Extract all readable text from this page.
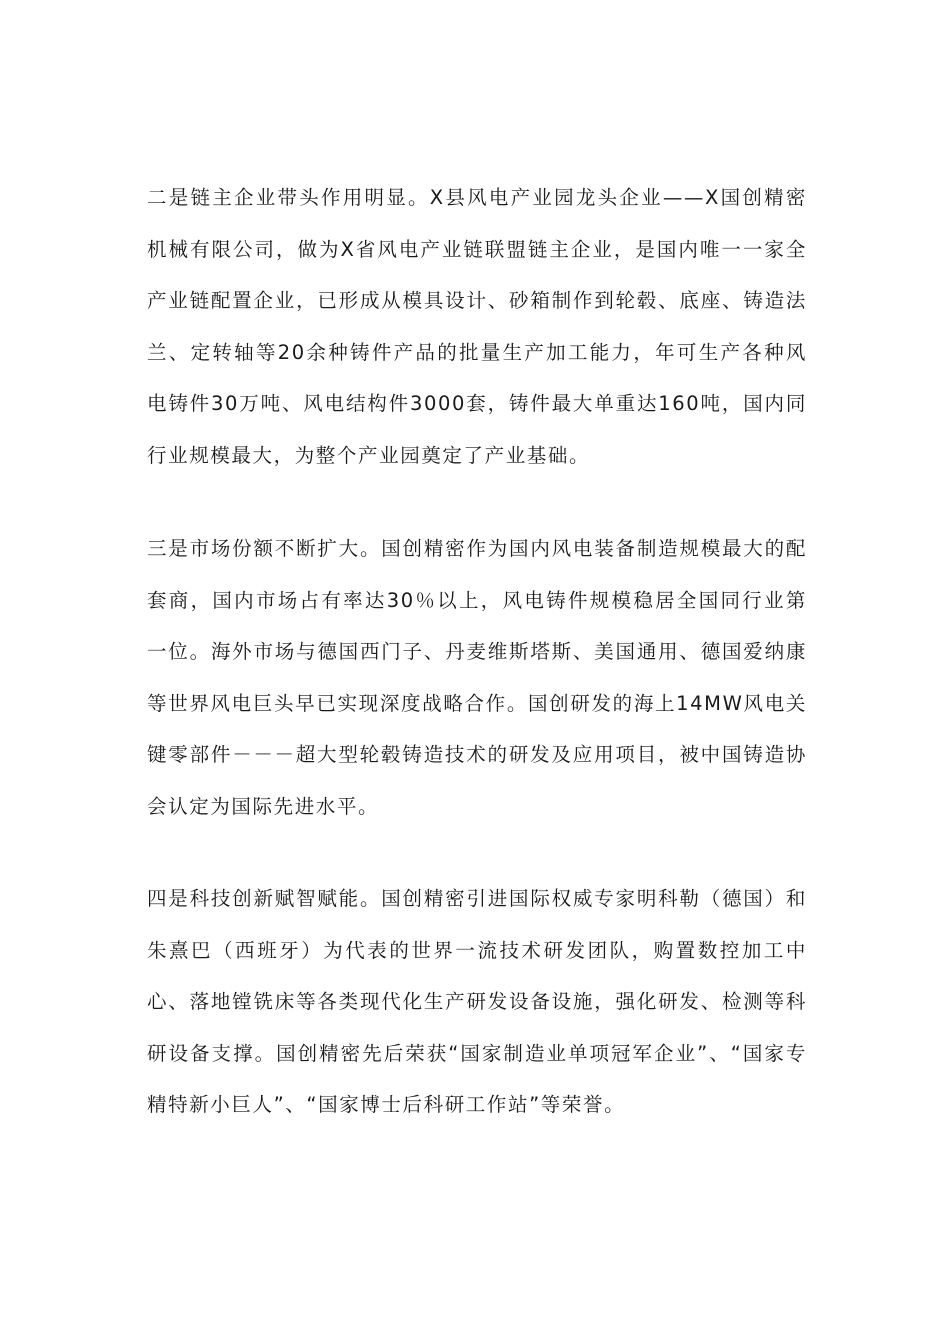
二是链主企业带头作用明显。X县风电产业园龙头企业——X国创精密机械有限公司，做为X省风电产业链联盟链主企业，是国内唯一一家全产业链配置企业，已形成从模具设计、砂箱制作到轮毂、底座、铸造法兰、定转轴等20余种铸件产品的批量生产加工能力，年可生产各种风电铸件30万吨、风电结构件3000套，铸件最大单重达160吨，国内同行业规模最大，为整个产业园奠定了产业基础。

三是市场份额不断扩大。国创精密作为国内风电装备制造规模最大的配套商，国内市场占有率达30％以上，风电铸件规模稳居全国同行业第一位。海外市场与德国西门子、丹麦维斯塔斯、美国通用、德国爱纳康等世界风电巨头早已实现深度战略合作。国创研发的海上14MW风电关键零部件－－－超大型轮毂铸造技术的研发及应用项目，被中国铸造协会认定为国际先进水平。

四是科技创新赋智赋能。国创精密引进国际权威专家明科勒（德国）和朱熹巴（西班牙）为代表的世界一流技术研发团队，购置数控加工中心、落地镗铣床等各类现代化生产研发设备设施，强化研发、检测等科研设备支撑。国创精密先后荣获“国家制造业单项冠军企业”、“国家专精特新小巨人”、“国家博士后科研工作站”等荣誉。
